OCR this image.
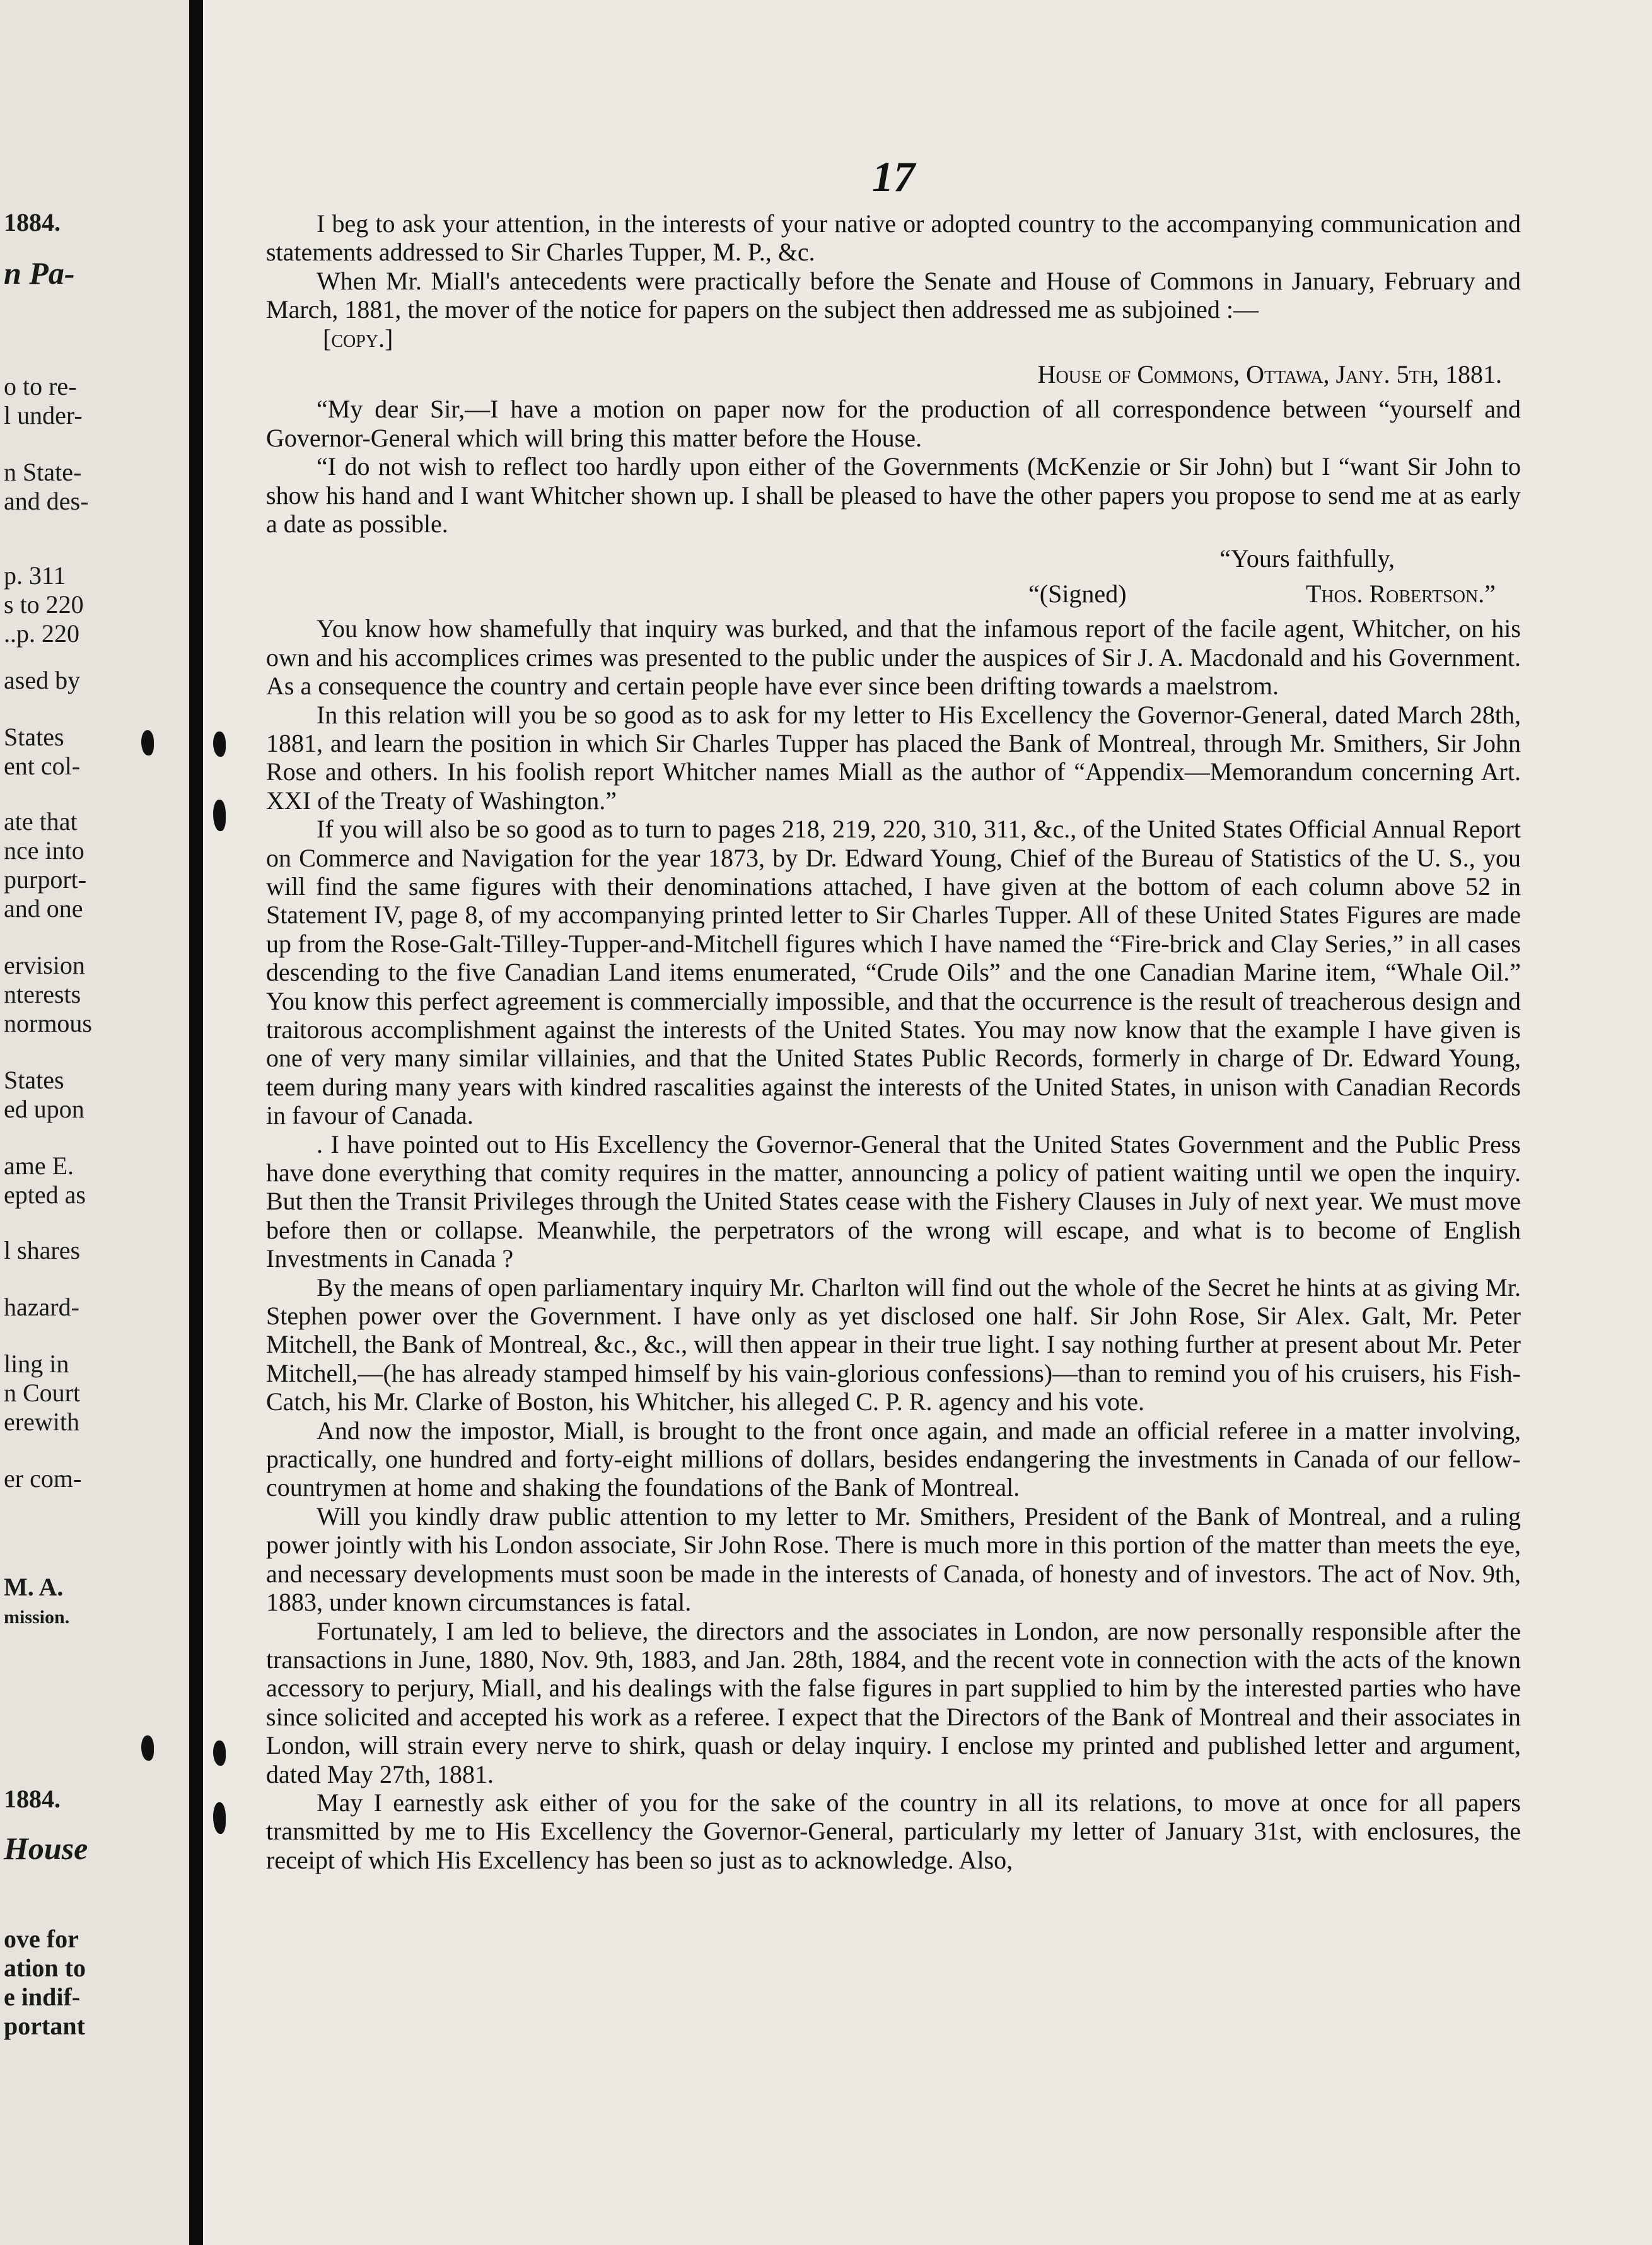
1884.
n Pa-
o to re-
l under-
n State-
and des-
p. 311
s to 220
..p. 220
ased by
States
ent col-
ate that
nce into
purport-
and one
ervision
nterests
normous
States
ed upon
ame E.
epted as
l shares
hazard-
ling in
n Court
erewith
er com-
M. A.
mission.
1884.
House
ove for
ation to
e indif-
portant
17

I beg to ask your attention, in the interests of your native or adopted country to the accompanying communication and statements addressed to Sir Charles Tupper, M. P., &c.

When Mr. Miall's antecedents were practically before the Senate and House of Commons in January, February and March, 1881, the mover of the notice for papers on the subject then addressed me as subjoined :—

[copy.]

House of Commons, Ottawa, Jany. 5th, 1881.

“My dear Sir,—I have a motion on paper now for the production of all correspondence between “yourself and Governor-General which will bring this matter before the House.

“I do not wish to reflect too hardly upon either of the Governments (McKenzie or Sir John) but I “want Sir John to show his hand and I want Whitcher shown up. I shall be pleased to have the other papers you propose to send me at as early a date as possible.

“Yours faithfully,

“(Signed)	Thos. Robertson.”

You know how shamefully that inquiry was burked, and that the infamous report of the facile agent, Whitcher, on his own and his accomplices crimes was presented to the public under the auspices of Sir J. A. Macdonald and his Government. As a consequence the country and certain people have ever since been drifting towards a maelstrom.

In this relation will you be so good as to ask for my letter to His Excellency the Governor-General, dated March 28th, 1881, and learn the position in which Sir Charles Tupper has placed the Bank of Montreal, through Mr. Smithers, Sir John Rose and others. In his foolish report Whitcher names Miall as the author of “Appendix—Memorandum concerning Art. XXI of the Treaty of Washington.”

If you will also be so good as to turn to pages 218, 219, 220, 310, 311, &c., of the United States Official Annual Report on Commerce and Navigation for the year 1873, by Dr. Edward Young, Chief of the Bureau of Statistics of the U. S., you will find the same figures with their denominations attached, I have given at the bottom of each column above 52 in Statement IV, page 8, of my accompanying printed letter to Sir Charles Tupper. All of these United States Figures are made up from the Rose-Galt-Tilley-Tupper-and-Mitchell figures which I have named the “Fire-brick and Clay Series,” in all cases descending to the five Canadian Land items enumerated, “Crude Oils” and the one Canadian Marine item, “Whale Oil.” You know this perfect agreement is commercially impossible, and that the occurrence is the result of treacherous design and traitorous accomplishment against the interests of the United States. You may now know that the example I have given is one of very many similar villainies, and that the United States Public Records, formerly in charge of Dr. Edward Young, teem during many years with kindred rascalities against the interests of the United States, in unison with Canadian Records in favour of Canada.

. I have pointed out to His Excellency the Governor-General that the United States Government and the Public Press have done everything that comity requires in the matter, announcing a policy of patient waiting until we open the inquiry. But then the Transit Privileges through the United States cease with the Fishery Clauses in July of next year. We must move before then or collapse. Meanwhile, the perpetrators of the wrong will escape, and what is to become of English Investments in Canada ?

By the means of open parliamentary inquiry Mr. Charlton will find out the whole of the Secret he hints at as giving Mr. Stephen power over the Government. I have only as yet disclosed one half. Sir John Rose, Sir Alex. Galt, Mr. Peter Mitchell, the Bank of Montreal, &c., &c., will then appear in their true light. I say nothing further at present about Mr. Peter Mitchell,—(he has already stamped himself by his vain-glorious confessions)—than to remind you of his cruisers, his Fish-Catch, his Mr. Clarke of Boston, his Whitcher, his alleged C. P. R. agency and his vote.

And now the impostor, Miall, is brought to the front once again, and made an official referee in a matter involving, practically, one hundred and forty-eight millions of dollars, besides endangering the investments in Canada of our fellow-countrymen at home and shaking the foundations of the Bank of Montreal.

Will you kindly draw public attention to my letter to Mr. Smithers, President of the Bank of Montreal, and a ruling power jointly with his London associate, Sir John Rose. There is much more in this portion of the matter than meets the eye, and necessary developments must soon be made in the interests of Canada, of honesty and of investors. The act of Nov. 9th, 1883, under known circumstances is fatal.

Fortunately, I am led to believe, the directors and the associates in London, are now personally responsible after the transactions in June, 1880, Nov. 9th, 1883, and Jan. 28th, 1884, and the recent vote in connection with the acts of the known accessory to perjury, Miall, and his dealings with the false figures in part supplied to him by the interested parties who have since solicited and accepted his work as a referee. I expect that the Directors of the Bank of Montreal and their associates in London, will strain every nerve to shirk, quash or delay inquiry. I enclose my printed and published letter and argument, dated May 27th, 1881.

May I earnestly ask either of you for the sake of the country in all its relations, to move at once for all papers transmitted by me to His Excellency the Governor-General, particularly my letter of January 31st, with enclosures, the receipt of which His Excellency has been so just as to acknowledge. Also,
